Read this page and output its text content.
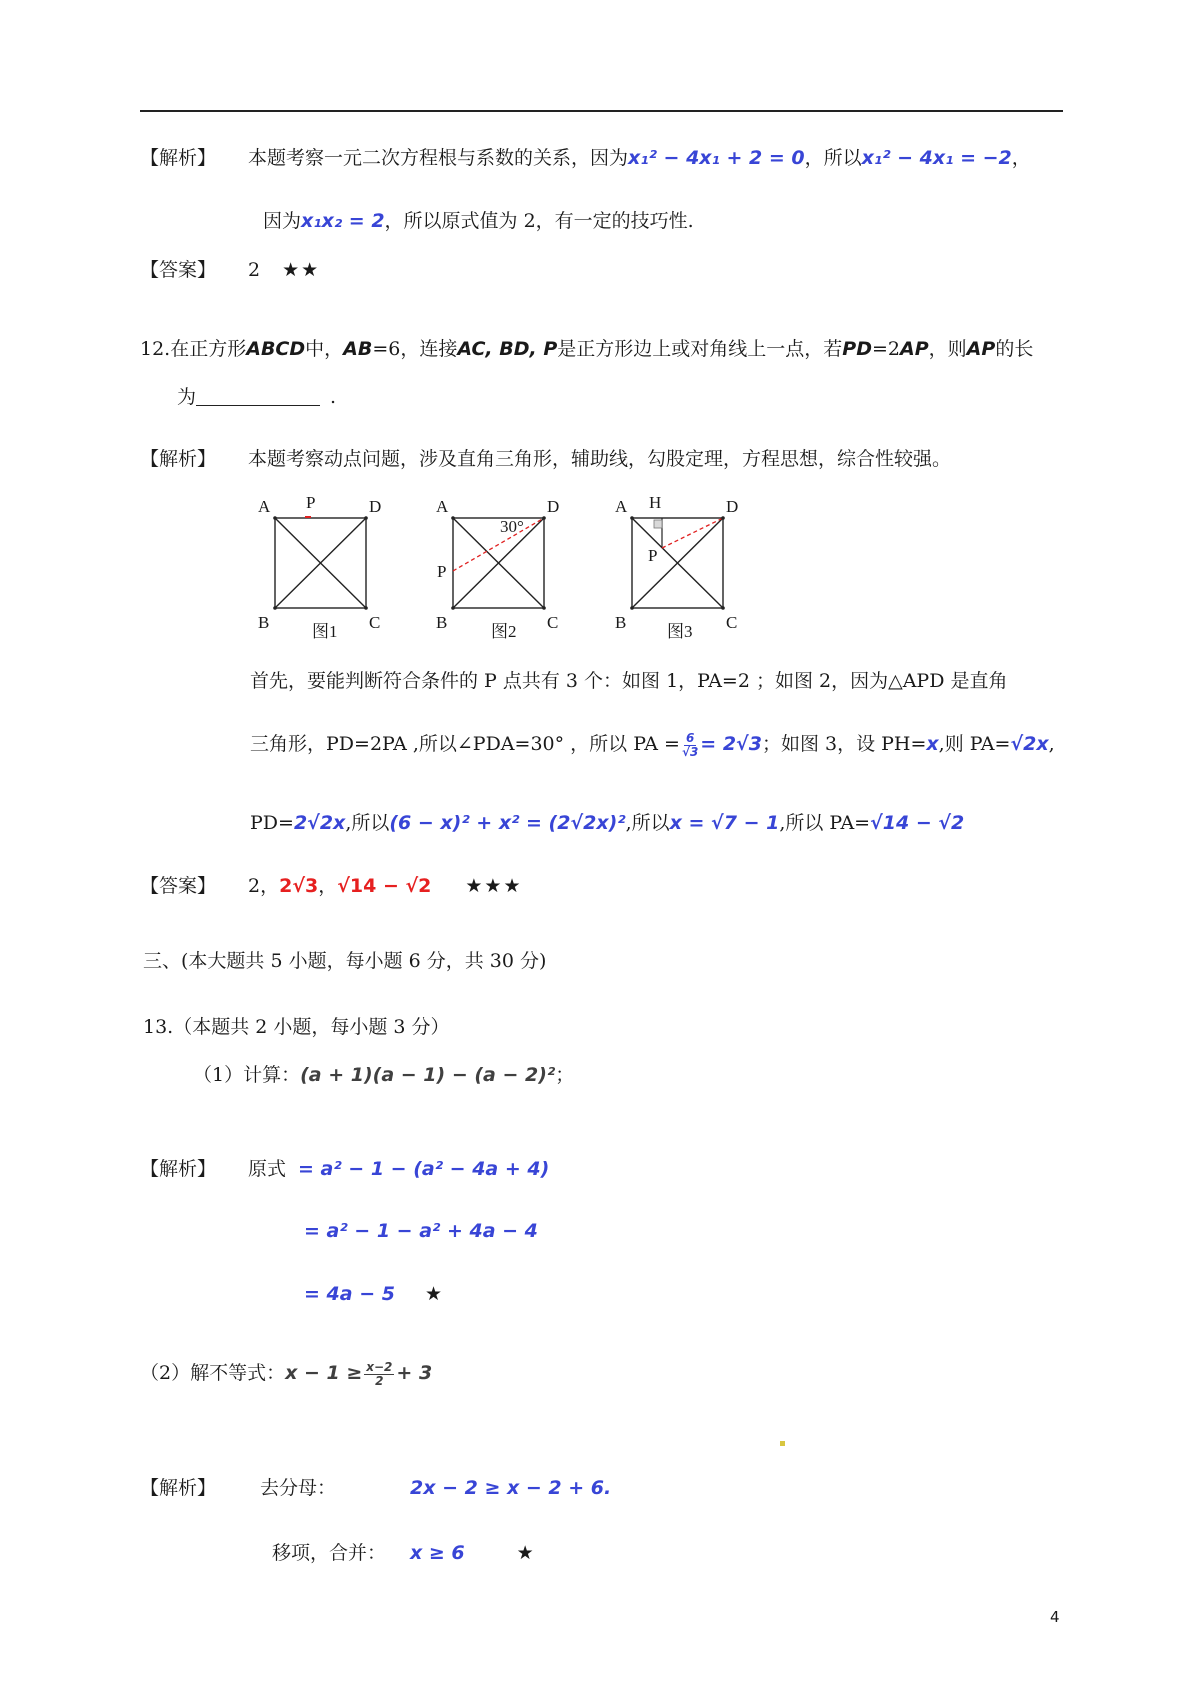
【解析】 本题考察一元二次方程根与系数的关系，因为x₁² − 4x₁ + 2 = 0，所以x₁² − 4x₁ = −2，
因为x₁x₂ = 2，所以原式值为 2，有一定的技巧性.
【答案】 2 ★★
12.在正方形ABCD中，AB=6，连接AC, BD, P是正方形边上或对角线上一点，若PD=2AP，则AP的长
为	.
【解析】 本题考察动点问题，涉及直角三角形，辅助线，勾股定理，方程思想，综合性较强。
A P	D
B	C
A	D
30°
P
B	C
A H	D
P
B	C
图1	图2	图3
首先，要能判断符合条件的 P 点共有 3 个：如图 1，PA=2 ；如图 2，因为△APD 是直角
三角形，PD=2PA ,所以∠PDA=30° ，所以 PA = $\frac{6}{√3} = 2√3$；如图 3，设 PH=x,则 PA=√2x,
PD=2√2x,所以(6 − x)² + x² = (2√2x)²,所以x = √7 − 1,所以 PA=√14 − √2
【答案】 2，2√3，√14 − √2 ★★★
三、(本大题共 5 小题，每小题 6 分，共 30 分)
13.（本题共 2 小题，每小题 3 分）
（1）计算：(a + 1)(a − 1) − (a − 2)²；
【解析】 原式 = a² − 1 − (a² − 4a + 4)
= a² − 1 − a² + 4a − 4
= 4a − 5 ★
（2）解不等式：$x - 1 \ge \frac{x-2}{2} + 3$
【解析】 去分母：	2x − 2 ≥ x − 2 + 6.
移项，合并： x ≥ 6	★
4
